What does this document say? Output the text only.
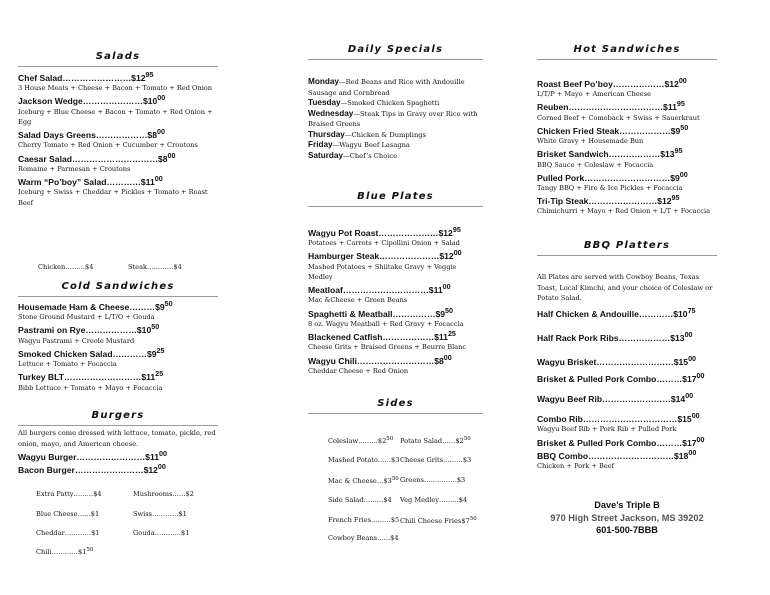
Salads
Chef $Salad\dots\dots\dots\dots\dots\dots\dots\dots\$12^{95}$
3 House Meats + Cheese + Bacon + Tomato + Red Onion
Jackson $Wedge\dots\dots\dots\dots\dots\dots\dots\$10^{00}$
Iceburg + Blue Cheese + Bacon + Tomato + Red Onion + Egg
Salad Days $Greens\dots\dots\dots\dots\dots\dots\$8^{00}$
Cherry Tomato + Red Onion + Cucumber + Croutons
Caesar $Salad\dots\dots\dots\dots\dots\dots\dots\dots\dots\dots\$8^{00}$
Romaine + Parmesan + Croutons
Warm “Po’boy” $Salad\dots\dots\dots\dots\$11^{00}$
Iceburg + Swiss + Cheddar + Pickles + Tomato + Roast Beef
Chicken………$4	Steak…………$4
Cold Sandwiches
Housemade Ham & $Cheese\dots\dots\dots\$9^{50}$
Stone Ground Mustard + L/T/O + Gouda
Pastrami on $Rye\dots\dots\dots\dots\dots\dots\$10^{50}$
Wagyu Pastrami + Creole Mustard
Smoked Chicken $Salad\dots\dots\dots\dots\$9^{25}$
Lettuce + Tomato + Focaccia
Turkey $BLT\dots\dots\dots\dots\dots\dots\dots\dots\dots\$11^{25}$
Bibb Lettuce + Tomato + Mayo + Focaccia
Burgers
All burgers come dressed with lettuce, tomato, pickle, red onion, mayo, and American cheese.
Wagyu $Burger\dots\dots\dots\dots\dots\dots\dots\dots\$11^{00}$
Bacon $Burger\dots\dots\dots\dots\dots\dots\dots\dots\$12^{00}$
Extra Patty………$4	Mushrooms……$2
Blue Cheese……$1	Swiss…………$1
Cheddar…………$1	Gouda…………$1
$Chili\dots\dots\dots\dots\$1^{50}$
Daily Specials
Monday—Red Beans and Rice with Andouille Sausage and Cornbread
Tuesday—Smoked Chicken Spaghetti
Wednesday—Steak Tips in Gravy over Rice with Braised Greens
Thursday—Chicken & Dumplings
Friday—Wagyu Beef Lasagna
Saturday—Chef’s Choice
Blue Plates
Wagyu Pot $Roast\dots\dots\dots\dots\dots\dots\dots\$12^{95}$
Potatoes + Carrots + Cipollini Onion + Salad
Hamburger $Steak\dots\dots\dots\dots\dots\dots\dots\$12^{00}$
Mashed Potatoes + Shiitake Gravy + Veggie Medley
$Meatloaf\dots\dots\dots\dots\dots\dots\dots\dots\dots\dots\$11^{00}$
Mac &Cheese + Green Beans
Spaghetti & $Meatball\dots\dots\dots\dots\dots\$9^{50}$
8 oz. Wagyu Meatball + Red Gravy + Focaccia
Blackened $Catfish\dots\dots\dots\dots\dots\dots\$11^{25}$
Cheese Grits + Braised Greens + Beurre Blanc
Wagyu $Chili\dots\dots\dots\dots\dots\dots\dots\dots\dots\$8^{00}$
Cheddar Cheese + Red Onion
Sides
$Coleslaw\dots\dots\dots\$2^{50}$ Potato $Salad\dots\dots\$2^{50}$
Mashed Potato……$3 Cheese Grits………$3
Mac & $Cheese\dots\$3^{50}$ Greens……………$3
Side Salad………$4 Veg Medley………$4
French Fries………$5 Chili Cheese $Fries\$7^{50}$
Cowboy Beans……$4
Hot Sandwiches
Roast Beef $Po’boy\dots\dots\dots\dots\dots\dots\$12^{00}$
L/T/P + Mayo + American Cheese
$Reuben\dots\dots\dots\dots\dots\dots\dots\dots\dots\dots\dots\$11^{95}$
Corned Beef + Comeback + Swiss + Sauerkraut
Chicken Fried $Steak\dots\dots\dots\dots\dots\dots\$9^{50}$
White Gravy + Housemade Bun
Brisket $Sandwich\dots\dots\dots\dots\dots\dots\$13^{95}$
BBQ Sauce + Coleslaw + Focaccia
Pulled $Pork\dots\dots\dots\dots\dots\dots\dots\dots\dots\dots\$9^{00}$
Tangy BBQ + Fire & Ice Pickles + Focaccia
Tri-Tip $Steak\dots\dots\dots\dots\dots\dots\dots\dots\$12^{95}$
Chimichurri + Mayo + Red Onion + L/T + Focaccia
BBQ Platters
All Plates are served with Cowboy Beans, Texas Toast, Local Kimchi, and your choice of Coleslaw or Potato Salad.
Half Chicken & $Andouille\dots\dots\dots\dots\$10^{75}$
Half Rack Pork $Ribs\dots\dots\dots\dots\dots\dots\$13^{00}$
Wagyu $Brisket\dots\dots\dots\dots\dots\dots\dots\dots\dots\$15^{00}$
Brisket & Pulled Pork $Combo\dots\dots\dots\$17^{00}$
Wagyu Beef $Rib\dots\dots\dots\dots\dots\dots\dots\dots\$14^{00}$
Combo $Rib\dots\dots\dots\dots\dots\dots\dots\dots\dots\dots\dots\$15^{00}$
Wagyu Beef Rib + Pork Rib + Pulled Pork
Brisket & Pulled Pork $Combo\dots\dots\dots\$17^{00}$
BBQ $Combo\dots\dots\dots\dots\dots\dots\dots\dots\dots\dots\$18^{00}$
Chicken + Pork + Beef
Dave’s Triple B
970 High Street Jackson, MS 39202
601-500-7BBB
